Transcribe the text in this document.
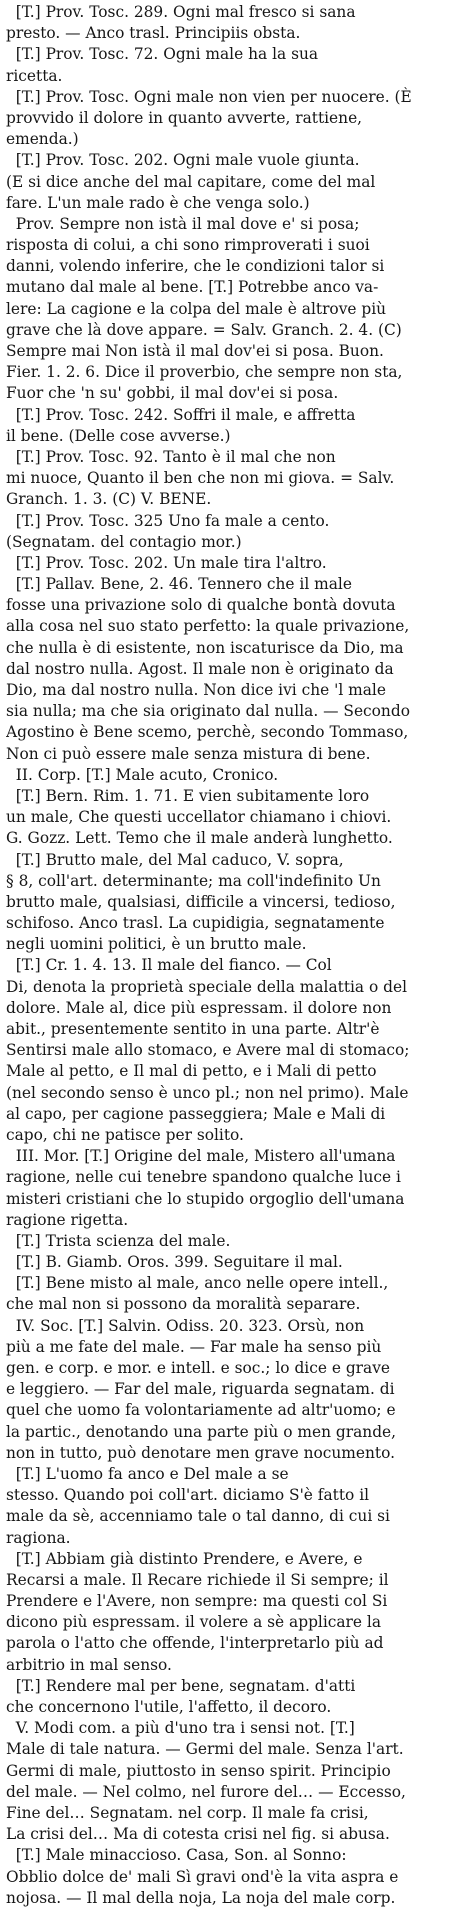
[T.] Prov. Tosc. 289. Ogni mal fresco si sana
presto. — Anco trasl. Principiis obsta.
[T.] Prov. Tosc. 72. Ogni male ha la sua
ricetta.
[T.] Prov. Tosc. Ogni male non vien per nuocere. (È
provvido il dolore in quanto avverte, rattiene,
emenda.)
[T.] Prov. Tosc. 202. Ogni male vuole giunta.
(E si dice anche del mal capitare, come del mal
fare. L'un male rado è che venga solo.)
Prov. Sempre non istà il mal dove e' si posa;
risposta di colui, a chi sono rimproverati i suoi
danni, volendo inferire, che le condizioni talor si
mutano dal male al bene. [T.] Potrebbe anco va-
lere: La cagione e la colpa del male è altrove più
grave che là dove appare. = Salv. Granch. 2. 4. (C)
Sempre mai Non istà il mal dov'ei si posa. Buon.
Fier. 1. 2. 6. Dice il proverbio, che sempre non sta,
Fuor che 'n su' gobbi, il mal dov'ei si posa.
[T.] Prov. Tosc. 242. Soffri il male, e affretta
il bene. (Delle cose avverse.)
[T.] Prov. Tosc. 92. Tanto è il mal che non
mi nuoce, Quanto il ben che non mi giova. = Salv.
Granch. 1. 3. (C) V. BENE.
[T.] Prov. Tosc. 325 Uno fa male a cento.
(Segnatam. del contagio mor.)
[T.] Prov. Tosc. 202. Un male tira l'altro.
[T.] Pallav. Bene, 2. 46. Tennero che il male
fosse una privazione solo di qualche bontà dovuta
alla cosa nel suo stato perfetto: la quale privazione,
che nulla è di esistente, non iscaturisce da Dio, ma
dal nostro nulla. Agost. Il male non è originato da
Dio, ma dal nostro nulla. Non dice ivi che 'l male
sia nulla; ma che sia originato dal nulla. — Secondo
Agostino è Bene scemo, perchè, secondo Tommaso,
Non ci può essere male senza mistura di bene.
II. Corp. [T.] Male acuto, Cronico.
[T.] Bern. Rim. 1. 71. E vien subitamente loro
un male, Che questi uccellator chiamano i chiovi.
G. Gozz. Lett. Temo che il male anderà lunghetto.
[T.] Brutto male, del Mal caduco, V. sopra,
§ 8, coll'art. determinante; ma coll'indefinito Un
brutto male, qualsiasi, difficile a vincersi, tedioso,
schifoso. Anco trasl. La cupidigia, segnatamente
negli uomini politici, è un brutto male.
[T.] Cr. 1. 4. 13. Il male del fianco. — Col
Di, denota la proprietà speciale della malattia o del
dolore. Male al, dice più espressam. il dolore non
abit., presentemente sentito in una parte. Altr'è
Sentirsi male allo stomaco, e Avere mal di stomaco;
Male al petto, e Il mal di petto, e i Mali di petto
(nel secondo senso è unco pl.; non nel primo). Male
al capo, per cagione passeggiera; Male e Mali di
capo, chi ne patisce per solito.
III. Mor. [T.] Origine del male, Mistero all'umana
ragione, nelle cui tenebre spandono qualche luce i
misteri cristiani che lo stupido orgoglio dell'umana
ragione rigetta.
[T.] Trista scienza del male.
[T.] B. Giamb. Oros. 399. Seguitare il mal.
[T.] Bene misto al male, anco nelle opere intell.,
che mal non si possono da moralità separare.
IV. Soc. [T.] Salvin. Odiss. 20. 323. Orsù, non
più a me fate del male. — Far male ha senso più
gen. e corp. e mor. e intell. e soc.; lo dice e grave
e leggiero. — Far del male, riguarda segnatam. di
quel che uomo fa volontariamente ad altr'uomo; e
la partic., denotando una parte più o men grande,
non in tutto, può denotare men grave nocumento.
[T.] L'uomo fa anco e Del male a se
stesso. Quando poi coll'art. diciamo S'è fatto il
male da sè, accenniamo tale o tal danno, di cui si
ragiona.
[T.] Abbiam già distinto Prendere, e Avere, e
Recarsi a male. Il Recare richiede il Si sempre; il
Prendere e l'Avere, non sempre: ma questi col Si
dicono più espressam. il volere a sè applicare la
parola o l'atto che offende, l'interpretarlo più ad
arbitrio in mal senso.
[T.] Rendere mal per bene, segnatam. d'atti
che concernono l'utile, l'affetto, il decoro.
V. Modi com. a più d'uno tra i sensi not. [T.]
Male di tale natura. — Germi del male. Senza l'art.
Germi di male, piuttosto in senso spirit. Principio
del male. — Nel colmo, nel furore del… — Eccesso,
Fine del… Segnatam. nel corp. Il male fa crisi,
La crisi del… Ma di cotesta crisi nel fig. si abusa.
[T.] Male minaccioso. Casa, Son. al Sonno:
Obblio dolce de' mali Sì gravi ond'è la vita aspra e
nojosa. — Il mal della noja, La noja del male corp.
